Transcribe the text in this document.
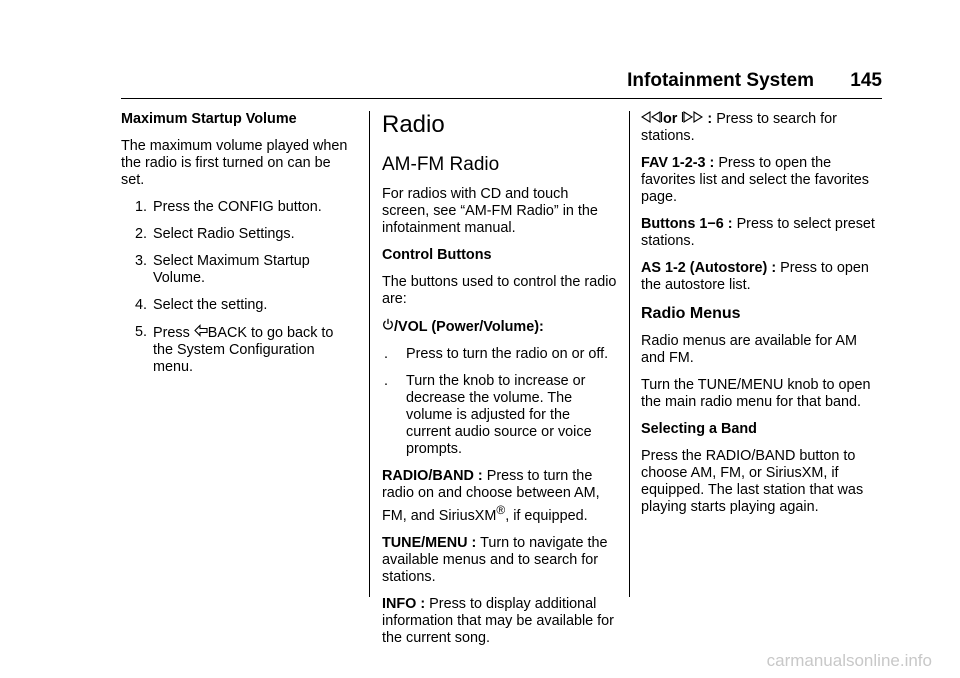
Infotainment System	145

Maximum Startup Volume

The maximum volume played when the radio is first turned on can be set.

1. Press the CONFIG button.
2. Select Radio Settings.
3. Select Maximum Startup Volume.
4. Select the setting.
5. Press BACK to go back to the System Configuration menu.
Radio
AM-FM Radio

For radios with CD and touch screen, see “AM-FM Radio” in the infotainment manual.

Control Buttons

The buttons used to control the radio are:

/VOL (Power/Volume):

.	Press to turn the radio on or off.
.	Turn the knob to increase or decrease the volume. The volume is adjusted for the current audio source or voice prompts.

RADIO/BAND : Press to turn the radio on and choose between AM, FM, and SiriusXM®, if equipped.

TUNE/MENU : Turn to navigate the available menus and to search for stations.

INFO : Press to display additional information that may be available for the current song.

or : Press to search for stations.

FAV 1-2-3 : Press to open the favorites list and select the favorites page.

Buttons 1−6 : Press to select preset stations.

AS 1-2 (Autostore) : Press to open the autostore list.

Radio Menus

Radio menus are available for AM and FM.

Turn the TUNE/MENU knob to open the main radio menu for that band.

Selecting a Band

Press the RADIO/BAND button to choose AM, FM, or SiriusXM, if equipped. The last station that was playing starts playing again.

carmanualsonline.info
